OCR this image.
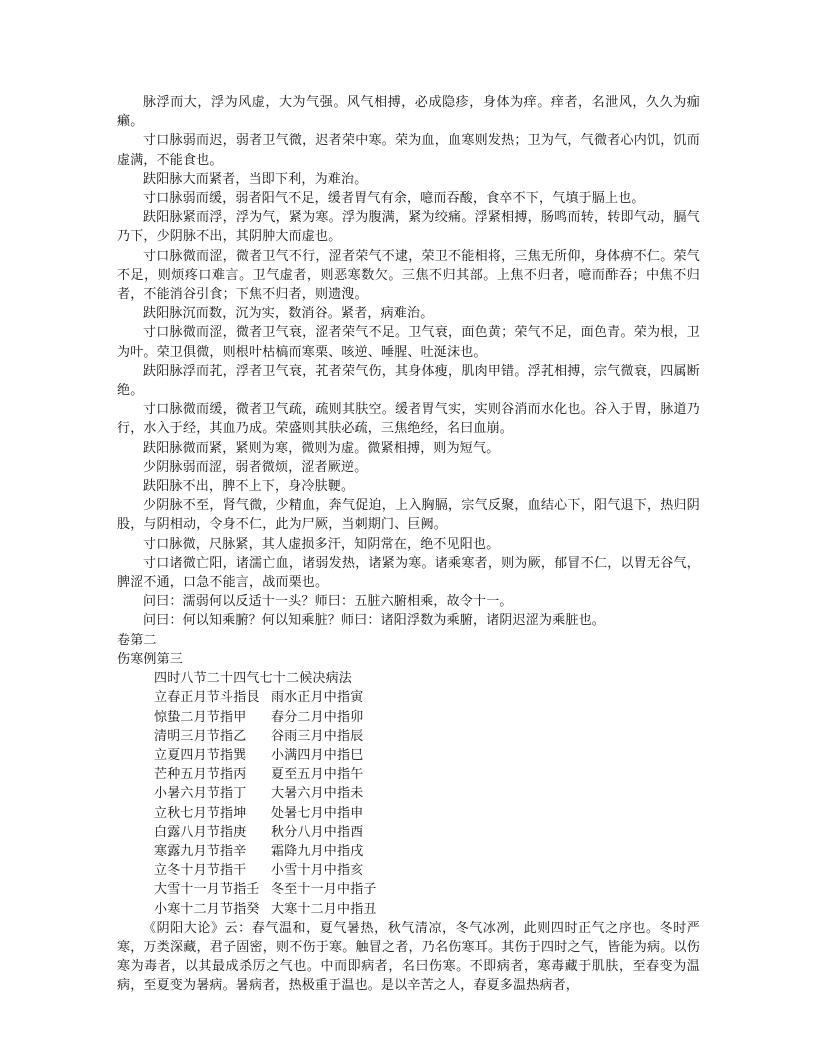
脉浮而大，浮为风虚，大为气强。风气相搏，必成隐疹，身体为痒。痒者，名泄风，久久为痂癞。

寸口脉弱而迟，弱者卫气微，迟者荣中寒。荣为血，血寒则发热；卫为气，气微者心内饥，饥而虚满，不能食也。

趺阳脉大而紧者，当即下利，为难治。

寸口脉弱而缓，弱者阳气不足，缓者胃气有余，噫而吞酸，食卒不下，气填于膈上也。

趺阳脉紧而浮，浮为气，紧为寒。浮为腹满，紧为绞痛。浮紧相搏，肠鸣而转，转即气动，膈气乃下，少阴脉不出，其阴肿大而虚也。

寸口脉微而涩，微者卫气不行，涩者荣气不逮，荣卫不能相将，三焦无所仰，身体痹不仁。荣气不足，则烦疼口难言。卫气虚者，则恶寒数欠。三焦不归其部。上焦不归者，噫而酢吞；中焦不归者，不能消谷引食；下焦不归者，则遗溲。

趺阳脉沉而数，沉为实，数消谷。紧者，病难治。

寸口脉微而涩，微者卫气衰，涩者荣气不足。卫气衰，面色黄；荣气不足，面色青。荣为根，卫为叶。荣卫俱微，则根叶枯槁而寒栗、咳逆、唾腥、吐涎沫也。

趺阳脉浮而芤，浮者卫气衰，芤者荣气伤，其身体瘦，肌肉甲错。浮芤相搏，宗气微衰，四属断绝。

寸口脉微而缓，微者卫气疏，疏则其肤空。缓者胃气实，实则谷消而水化也。谷入于胃，脉道乃行，水入于经，其血乃成。荣盛则其肤必疏，三焦绝经，名曰血崩。

趺阳脉微而紧，紧则为寒，微则为虚。微紧相搏，则为短气。

少阴脉弱而涩，弱者微烦，涩者厥逆。

趺阳脉不出，脾不上下，身冷肤鞕。

少阴脉不至，肾气微，少精血，奔气促迫，上入胸膈，宗气反聚，血结心下，阳气退下，热归阴股，与阴相动，令身不仁，此为尸厥，当刺期门、巨阙。

寸口脉微，尺脉紧，其人虚损多汗，知阴常在，绝不见阳也。

寸口诸微亡阳，诸濡亡血，诸弱发热，诸紧为寒。诸乘寒者，则为厥，郁冒不仁，以胃无谷气，脾涩不通，口急不能言，战而栗也。

问曰：濡弱何以反适十一头？师曰：五脏六腑相乘，故令十一。

问曰：何以知乘腑？何以知乘脏？师曰：诸阳浮数为乘腑，诸阴迟涩为乘脏也。

卷第二

伤寒例第三

四时八节二十四气七十二候决病法

立春正月节斗指艮 雨水正月中指寅

惊蛰二月节指甲 春分二月中指卯

清明三月节指乙 谷雨三月中指辰

立夏四月节指巽 小满四月中指巳

芒种五月节指丙 夏至五月中指午

小暑六月节指丁 大暑六月中指未

立秋七月节指坤 处暑七月中指申

白露八月节指庚 秋分八月中指酉

寒露九月节指辛 霜降九月中指戌

立冬十月节指干 小雪十月中指亥

大雪十一月节指壬 冬至十一月中指子

小寒十二月节指癸 大寒十二月中指丑

《阴阳大论》云：春气温和，夏气暑热，秋气清凉，冬气冰冽，此则四时正气之序也。冬时严寒，万类深藏，君子固密，则不伤于寒。触冒之者，乃名伤寒耳。其伤于四时之气，皆能为病。以伤寒为毒者，以其最成杀厉之气也。中而即病者，名曰伤寒。不即病者，寒毒藏于肌肤，至春变为温病，至夏变为暑病。暑病者，热极重于温也。是以辛苦之人，春夏多温热病者，
